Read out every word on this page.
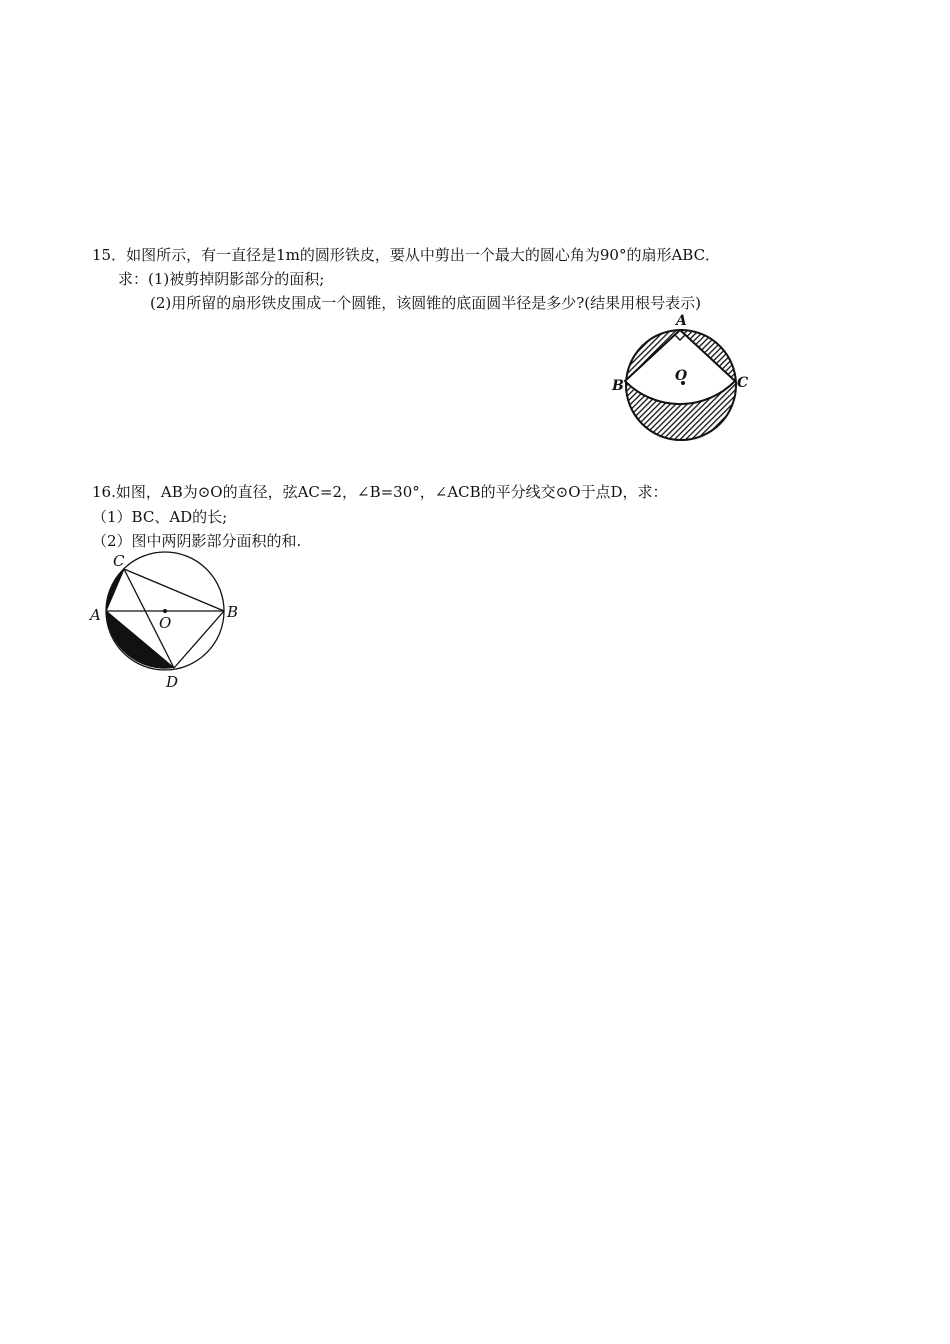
15．如图所示，有一直径是1m的圆形铁皮，要从中剪出一个最大的圆心角为90°的扇形ABC．
求：(1)被剪掉阴影部分的面积;
(2)用所留的扇形铁皮围成一个圆锥，该圆锥的底面圆半径是多少?(结果用根号表示)
A
B	C
O
16.如图，AB为⊙O的直径，弦AC=2，∠B=30°，∠ACB的平分线交⊙O于点D，求：
（1）BC、AD的长;
（2）图中两阴影部分面积的和.
C
A	B
O
D
